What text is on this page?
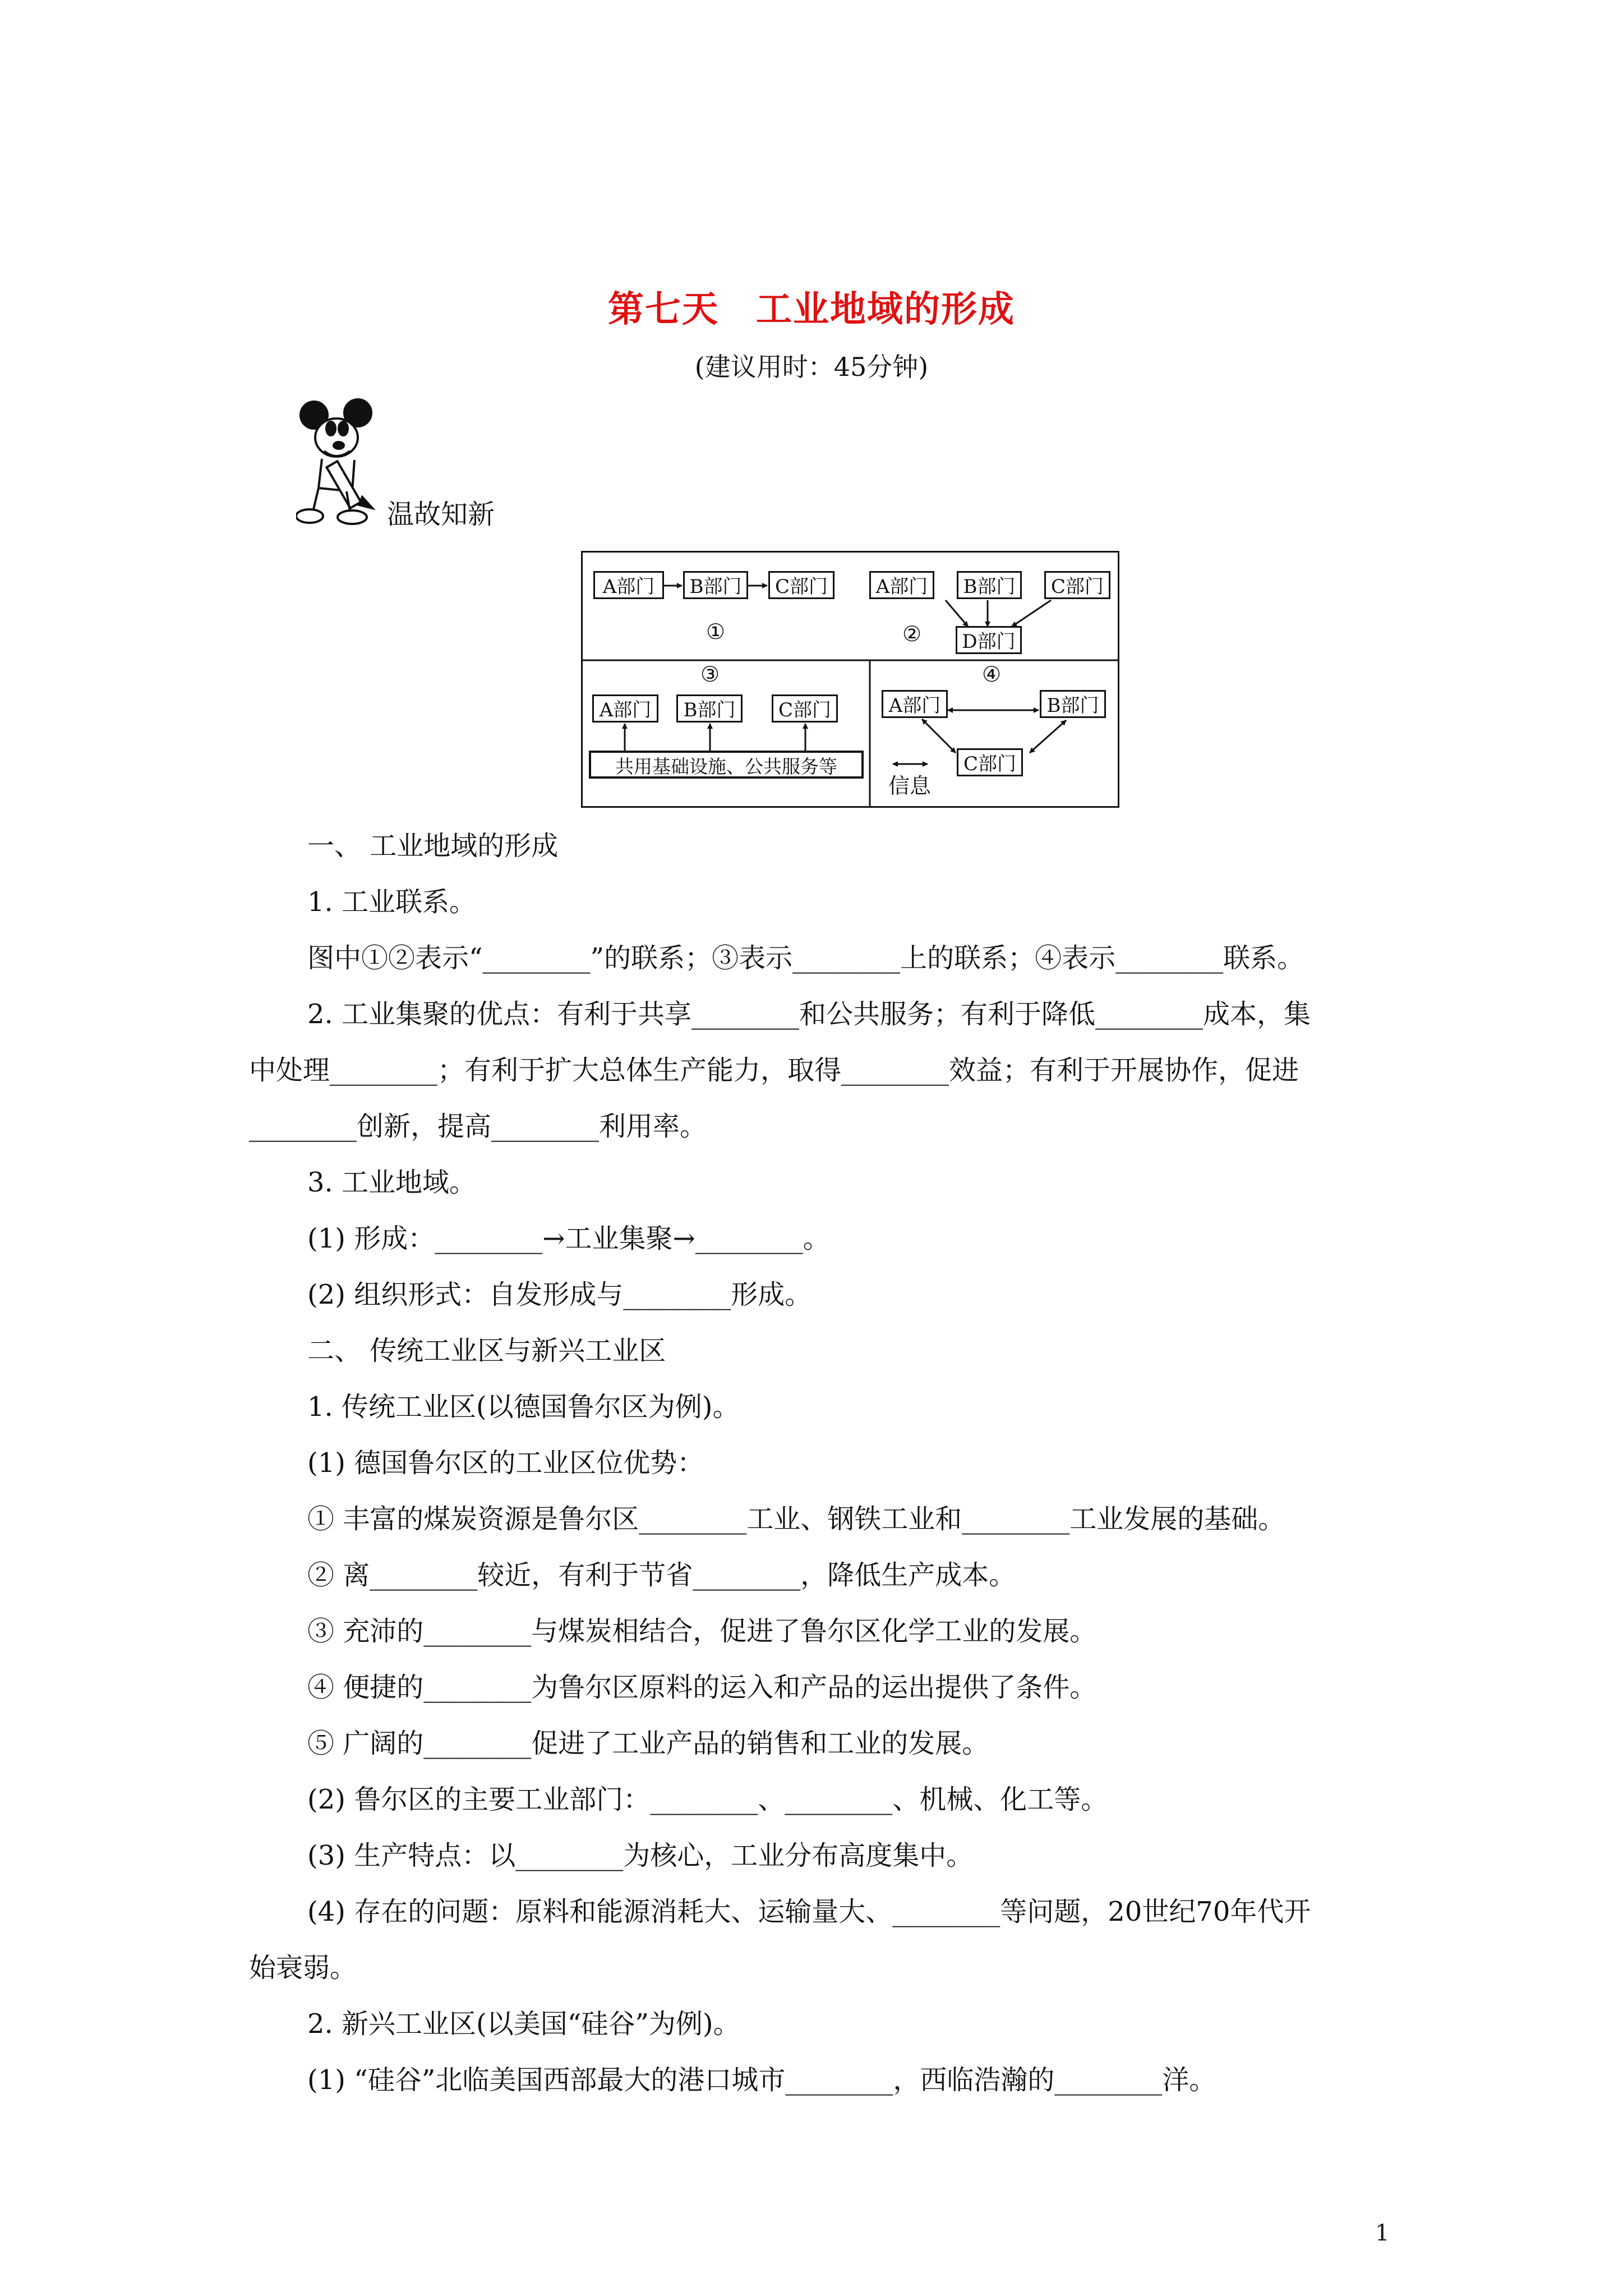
第七天　工业地域的形成
(建议用时：45分钟)
温故知新
A部门	B部门	C部门
①
A部门	B部门	C部门
D部门
②
③
A部门	B部门	C部门
共用基础设施、公共服务等
④
A部门	B部门
C部门
信息
一、 工业地域的形成
1. 工业联系。
图中①②表示“________”的联系；③表示________上的联系；④表示________联系。
2. 工业集聚的优点：有利于共享________和公共服务；有利于降低________成本，集
中处理________；有利于扩大总体生产能力，取得________效益；有利于开展协作，促进
________创新，提高________利用率。
3. 工业地域。
(1) 形成：________→工业集聚→________。
(2) 组织形式：自发形成与________形成。
二、 传统工业区与新兴工业区
1. 传统工业区(以德国鲁尔区为例)。
(1) 德国鲁尔区的工业区位优势：
① 丰富的煤炭资源是鲁尔区________工业、钢铁工业和________工业发展的基础。
② 离________较近，有利于节省________，降低生产成本。
③ 充沛的________与煤炭相结合，促进了鲁尔区化学工业的发展。
④ 便捷的________为鲁尔区原料的运入和产品的运出提供了条件。
⑤ 广阔的________促进了工业产品的销售和工业的发展。
(2) 鲁尔区的主要工业部门：________、________、机械、化工等。
(3) 生产特点：以________为核心，工业分布高度集中。
(4) 存在的问题：原料和能源消耗大、运输量大、________等问题，20世纪70年代开
始衰弱。
2. 新兴工业区(以美国“硅谷”为例)。
(1) “硅谷”北临美国西部最大的港口城市________，西临浩瀚的________洋。
1
